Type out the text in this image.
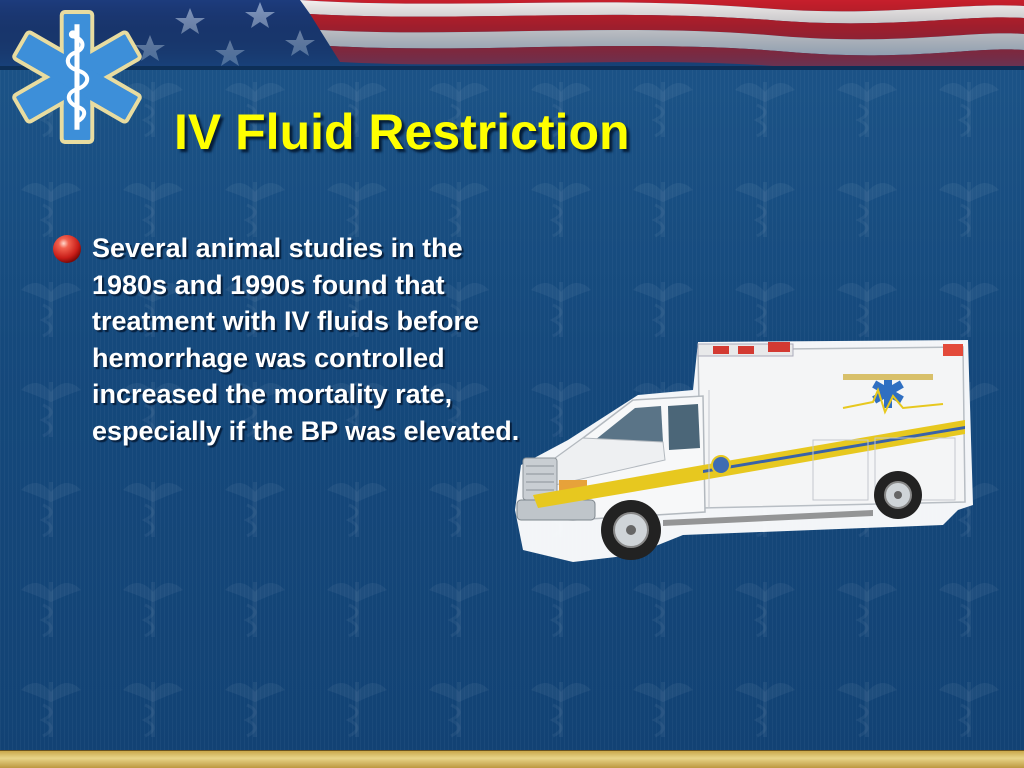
IV Fluid Restriction

Several animal studies in the 1980s and 1990s found that treatment with IV fluids before hemorrhage was controlled increased the mortality rate, especially if the BP was elevated.
